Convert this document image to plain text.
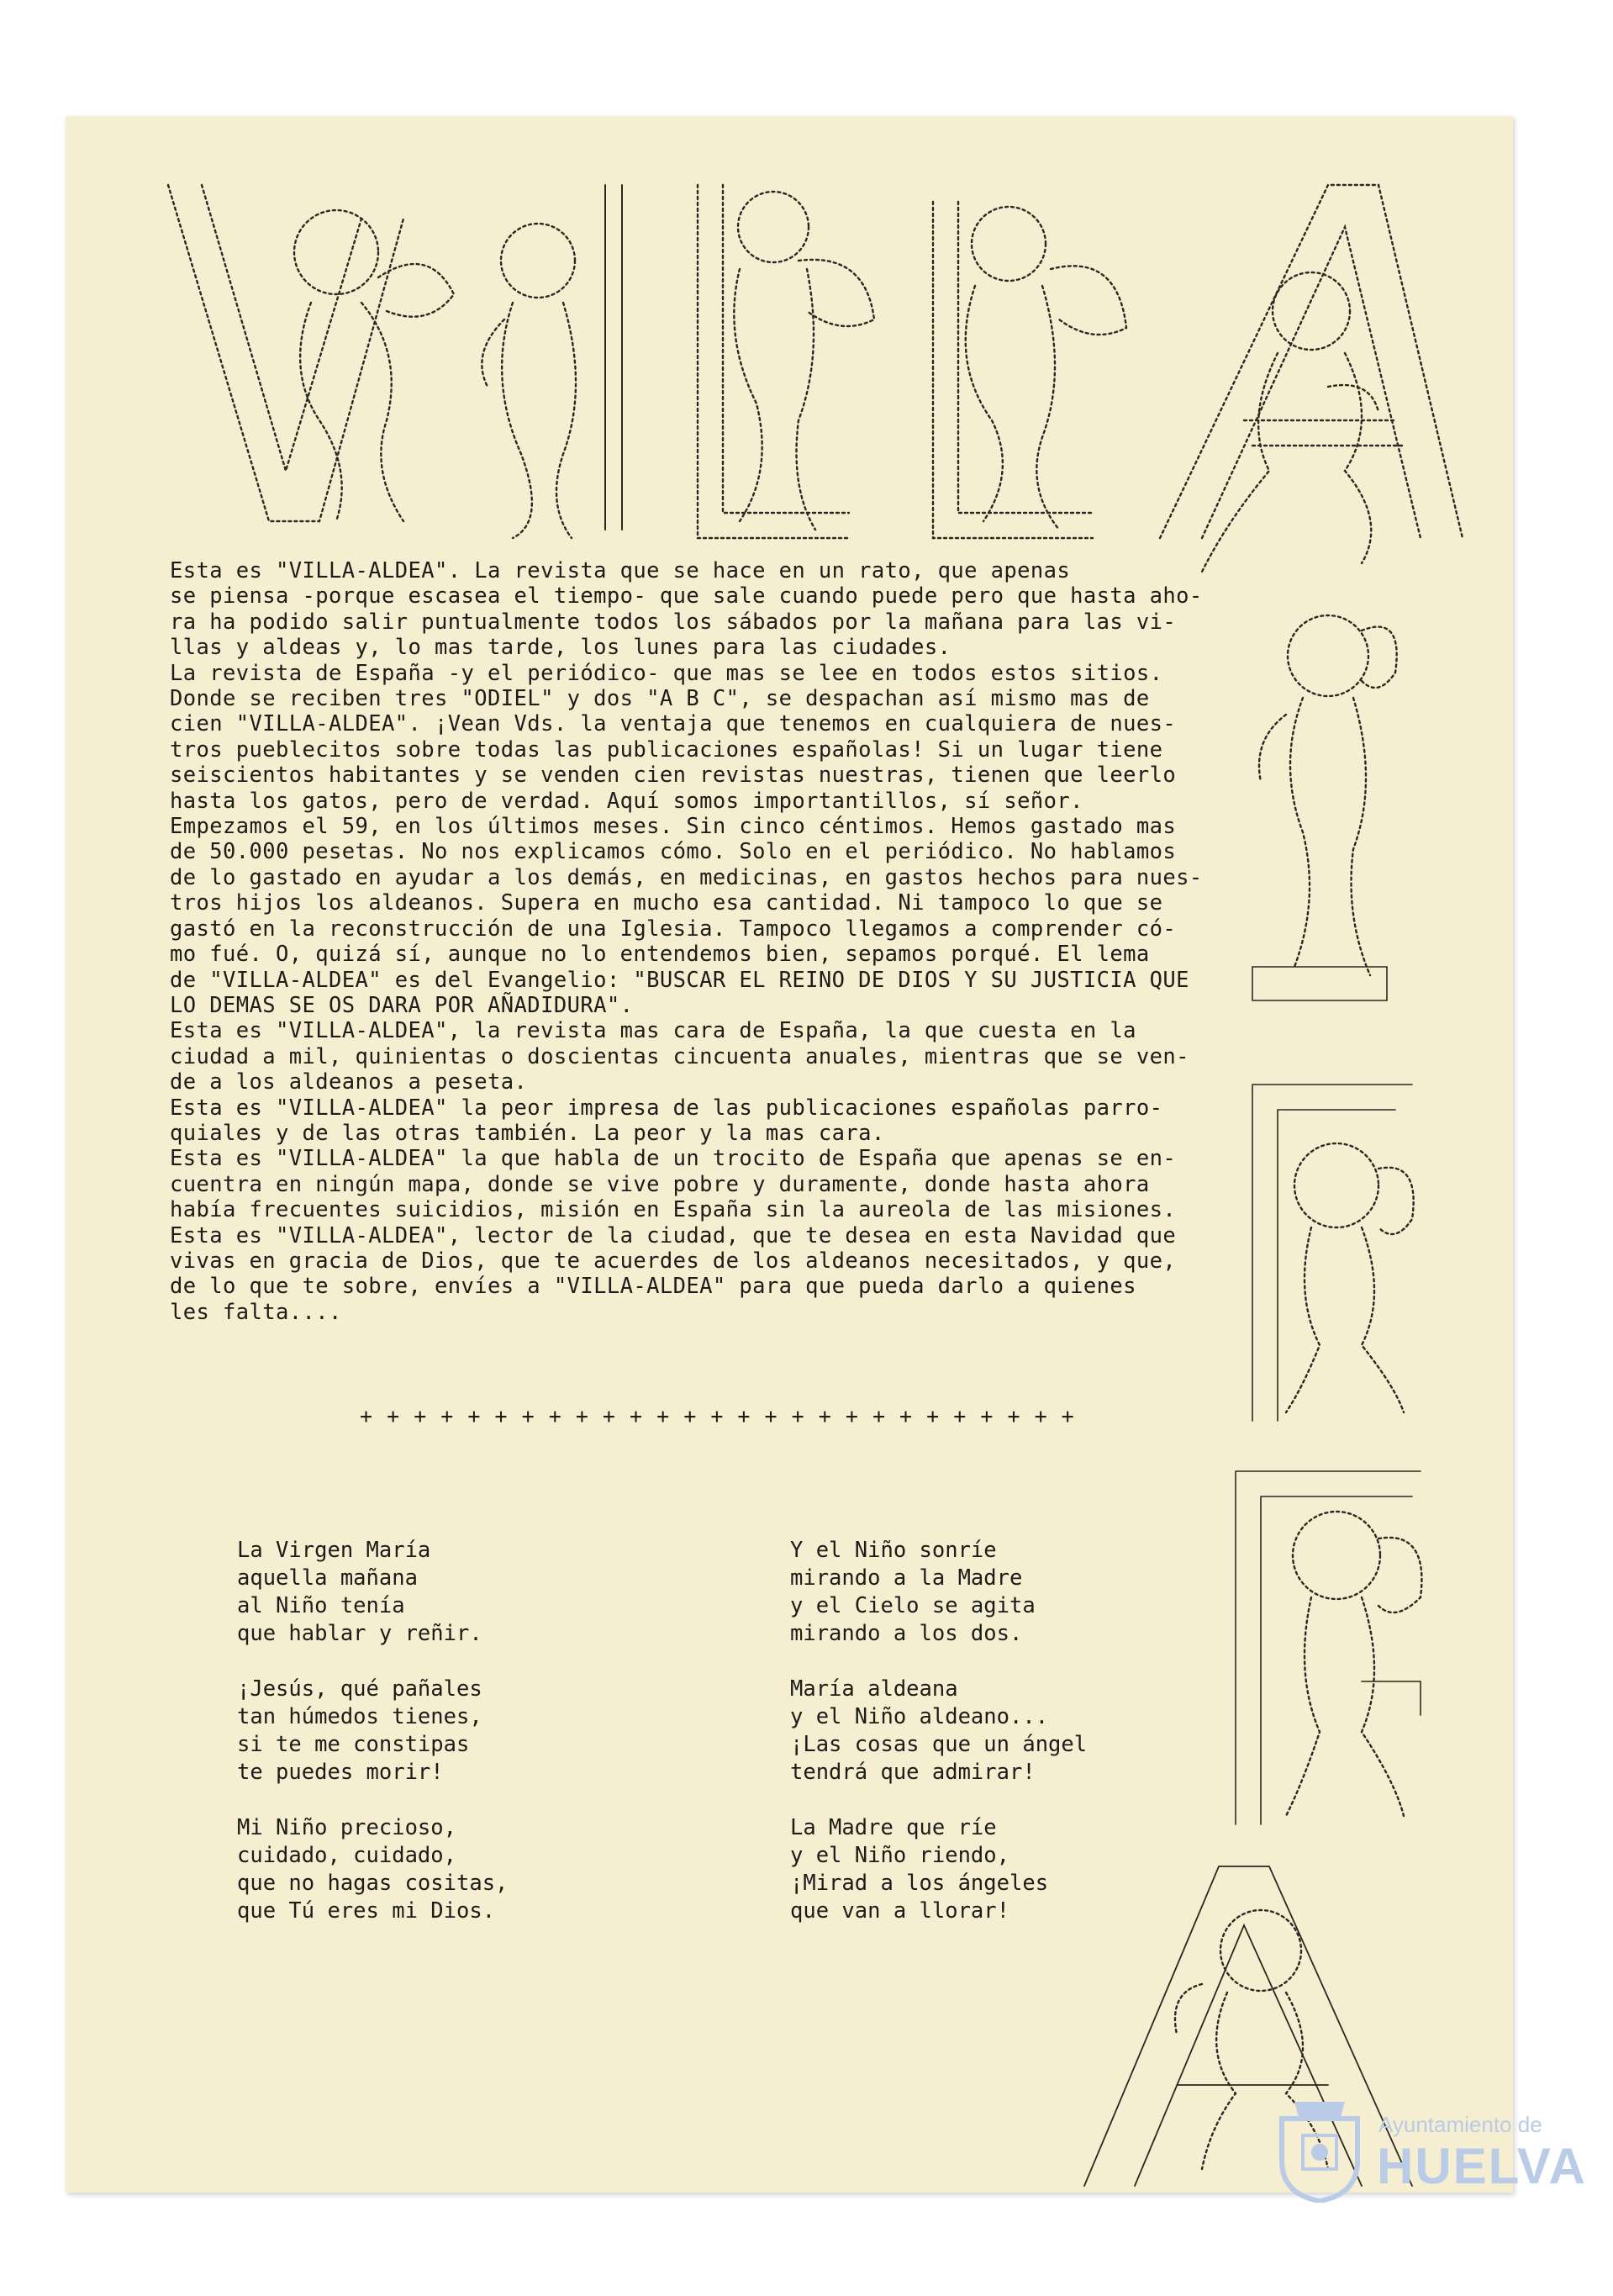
Esta es "VILLA-ALDEA". La revista que se hace en un rato, que apenas
se piensa -porque escasea el tiempo- que sale cuando puede pero que hasta aho-
ra ha podido salir puntualmente todos los sábados por la mañana para las vi-
llas y aldeas y, lo mas tarde, los lunes para las ciudades.
La revista de España -y el periódico- que mas se lee en todos estos sitios.
Donde se reciben tres "ODIEL" y dos "A B C", se despachan así mismo mas de
cien "VILLA-ALDEA". ¡Vean Vds. la ventaja que tenemos en cualquiera de nues-
tros pueblecitos sobre todas las publicaciones españolas! Si un lugar tiene
seiscientos habitantes y se venden cien revistas nuestras, tienen que leerlo
hasta los gatos, pero de verdad. Aquí somos importantillos, sí señor.
Empezamos el 59, en los últimos meses. Sin cinco céntimos. Hemos gastado mas
de 50.000 pesetas. No nos explicamos cómo. Solo en el periódico. No hablamos
de lo gastado en ayudar a los demás, en medicinas, en gastos hechos para nues-
tros hijos los aldeanos. Supera en mucho esa cantidad. Ni tampoco lo que se
gastó en la reconstrucción de una Iglesia. Tampoco llegamos a comprender có-
mo fué. O, quizá sí, aunque no lo entendemos bien, sepamos porqué. El lema
de "VILLA-ALDEA" es del Evangelio: "BUSCAR EL REINO DE DIOS Y SU JUSTICIA QUE
LO DEMAS SE OS DARA POR AÑADIDURA".
Esta es "VILLA-ALDEA", la revista mas cara de España, la que cuesta en la
ciudad a mil, quinientas o doscientas cincuenta anuales, mientras que se ven-
de a los aldeanos a peseta.
Esta es "VILLA-ALDEA" la peor impresa de las publicaciones españolas parro-
quiales y de las otras también. La peor y la mas cara.
Esta es "VILLA-ALDEA" la que habla de un trocito de España que apenas se en-
cuentra en ningún mapa, donde se vive pobre y duramente, donde hasta ahora
había frecuentes suicidios, misión en España sin la aureola de las misiones.
Esta es "VILLA-ALDEA", lector de la ciudad, que te desea en esta Navidad que
vivas en gracia de Dios, que te acuerdes de los aldeanos necesitados, y que,
de lo que te sobre, envíes a "VILLA-ALDEA" para que pueda darlo a quienes
les falta....
+ + + + + + + + + + + + + + + + + + + + + + + + + + +
La Virgen María
aquella mañana
al Niño tenía
que hablar y reñir.
¡Jesús, qué pañales
tan húmedos tienes,
si te me constipas
te puedes morir!
Mi Niño precioso,
cuidado, cuidado,
que no hagas cositas,
que Tú eres mi Dios.
Y el Niño sonríe
mirando a la Madre
y el Cielo se agita
mirando a los dos.
María aldeana
y el Niño aldeano...
¡Las cosas que un ángel
tendrá que admirar!
La Madre que ríe
y el Niño riendo,
¡Mirad a los ángeles
que van a llorar!
Ayuntamiento de
HUELVA
